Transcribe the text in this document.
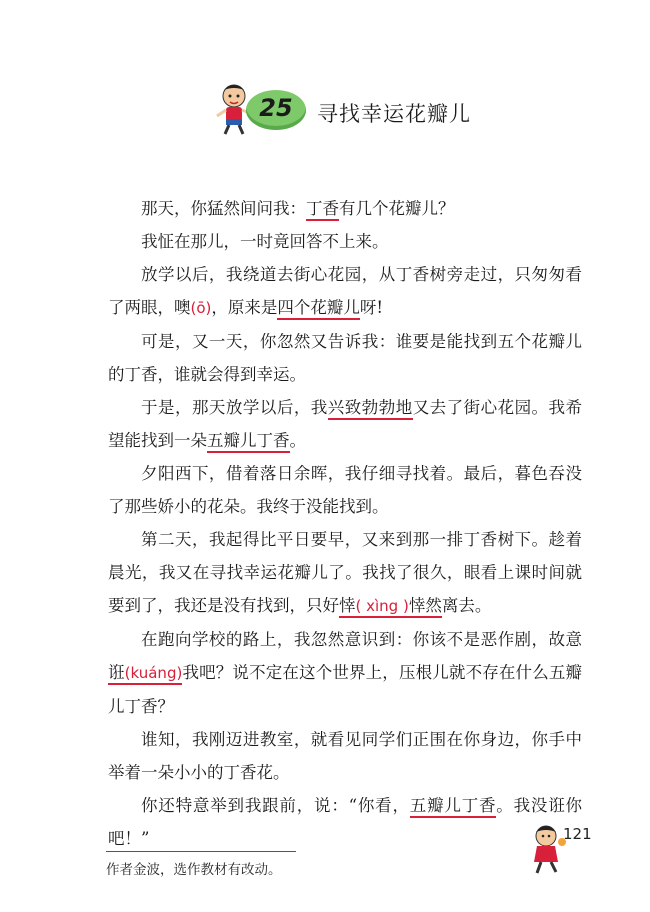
25	寻找幸运花瓣儿

那天，你猛然间问我：丁香有几个花瓣儿？

我怔在那儿，一时竟回答不上来。

放学以后，我绕道去街心花园，从丁香树旁走过，只匆匆看了两眼，噢(ō)，原来是四个花瓣儿呀!

可是，又一天，你忽然又告诉我：谁要是能找到五个花瓣儿的丁香，谁就会得到幸运。

于是，那天放学以后，我兴致勃勃地又去了街心花园。我希望能找到一朵五瓣儿丁香。

夕阳西下，借着落日余晖，我仔细寻找着。最后，暮色吞没了那些娇小的花朵。我终于没能找到。

第二天，我起得比平日要早，又来到那一排丁香树下。趁着晨光，我又在寻找幸运花瓣儿了。我找了很久，眼看上课时间就要到了，我还是没有找到，只好悻( xìng )悻然离去。

在跑向学校的路上，我忽然意识到：你该不是恶作剧，故意诳(kuáng)我吧？说不定在这个世界上，压根儿就不存在什么五瓣儿丁香？

谁知，我刚迈进教室，就看见同学们正围在你身边，你手中举着一朵小小的丁香花。

你还特意举到我跟前，说：“你看，五瓣儿丁香。我没诳你吧！”

作者金波，选作教材有改动。
121
